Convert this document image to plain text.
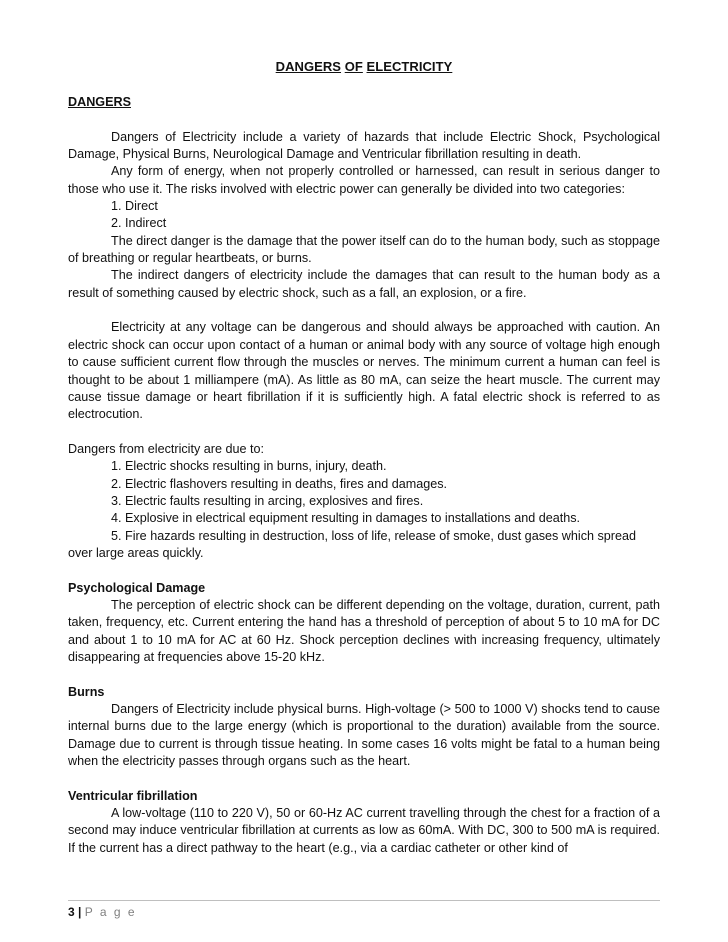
DANGERS OF ELECTRICITY

DANGERS

Dangers of Electricity include a variety of hazards that include Electric Shock, Psychological Damage, Physical Burns, Neurological Damage and Ventricular fibrillation resulting in death.

Any form of energy, when not properly controlled or harnessed, can result in serious danger to those who use it. The risks involved with electric power can generally be divided into two categories:

1. Direct

2. Indirect

The direct danger is the damage that the power itself can do to the human body, such as stoppage of breathing or regular heartbeats, or burns.

The indirect dangers of electricity include the damages that can result to the human body as a result of something caused by electric shock, such as a fall, an explosion, or a fire.

Electricity at any voltage can be dangerous and should always be approached with caution. An electric shock can occur upon contact of a human or animal body with any source of voltage high enough to cause sufficient current flow through the muscles or nerves. The minimum current a human can feel is thought to be about 1 milliampere (mA). As little as 80 mA, can seize the heart muscle. The current may cause tissue damage or heart fibrillation if it is sufficiently high. A fatal electric shock is referred to as electrocution.

Dangers from electricity are due to:

1. Electric shocks resulting in burns, injury, death.

2. Electric flashovers resulting in deaths, fires and damages.

3. Electric faults resulting in arcing, explosives and fires.

4. Explosive in electrical equipment resulting in damages to installations and deaths.

5. Fire hazards resulting in destruction, loss of life, release of smoke, dust gases which spread over large areas quickly.

Psychological Damage

The perception of electric shock can be different depending on the voltage, duration, current, path taken, frequency, etc. Current entering the hand has a threshold of perception of about 5 to 10 mA for DC and about 1 to 10 mA for AC at 60 Hz. Shock perception declines with increasing frequency, ultimately disappearing at frequencies above 15-20 kHz.

Burns

Dangers of Electricity include physical burns. High-voltage (> 500 to 1000 V) shocks tend to cause internal burns due to the large energy (which is proportional to the duration) available from the source. Damage due to current is through tissue heating. In some cases 16 volts might be fatal to a human being when the electricity passes through organs such as the heart.

Ventricular fibrillation

A low-voltage (110 to 220 V), 50 or 60-Hz AC current travelling through the chest for a fraction of a second may induce ventricular fibrillation at currents as low as 60mA. With DC, 300 to 500 mA is required. If the current has a direct pathway to the heart (e.g., via a cardiac catheter or other kind of

3 | P a g e
